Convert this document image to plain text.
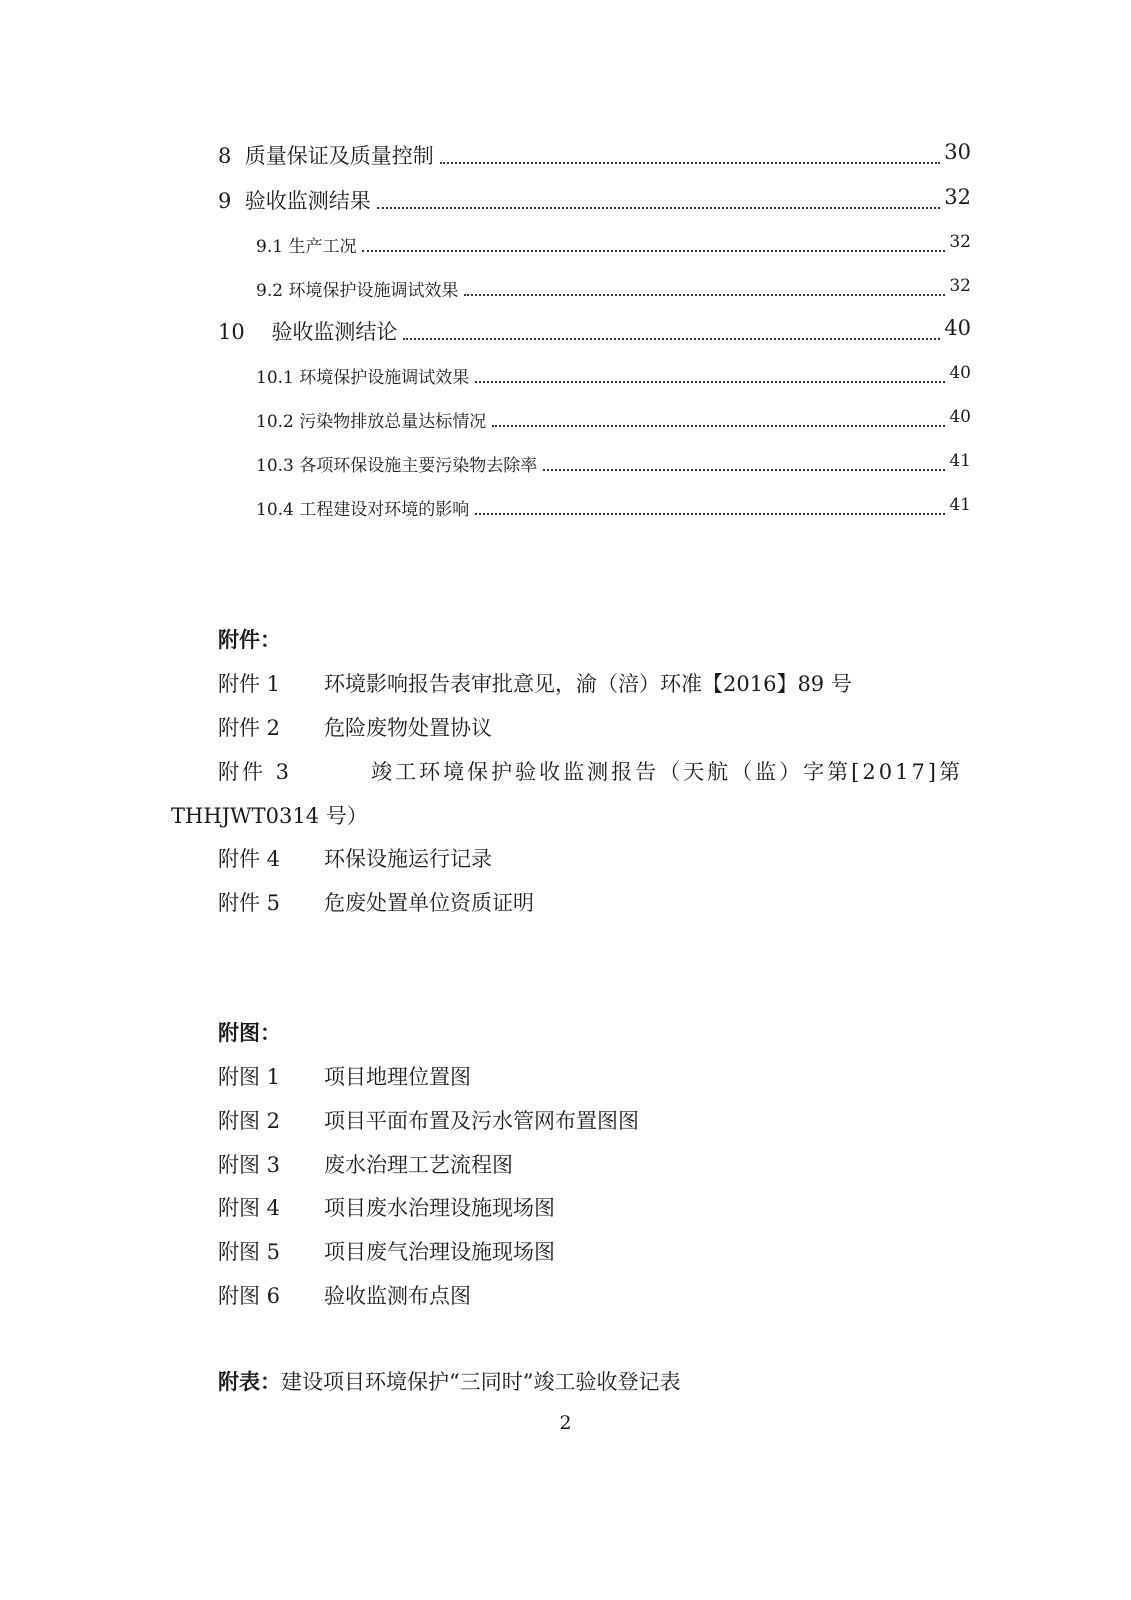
8 质量保证及质量控制	30
9 验收监测结果	32
9.1 生产工况	32
9.2 环境保护设施调试效果	32
10 验收监测结论	40
10.1 环境保护设施调试效果	40
10.2 污染物排放总量达标情况	40
10.3 各项环保设施主要污染物去除率	41
10.4 工程建设对环境的影响	41
附件：
附件 1 环境影响报告表审批意见，渝（涪）环准【2016】89 号
附件 2 危险废物处置协议
附件 3	竣工环境保护验收监测报告（天航（监）字第[2017]第
THHJWT0314 号）
附件 4 环保设施运行记录
附件 5 危废处置单位资质证明
附图：
附图 1 项目地理位置图
附图 2 项目平面布置及污水管网布置图图
附图 3 废水治理工艺流程图
附图 4 项目废水治理设施现场图
附图 5 项目废气治理设施现场图
附图 6 验收监测布点图
附表：建设项目环境保护“三同时”竣工验收登记表
2
